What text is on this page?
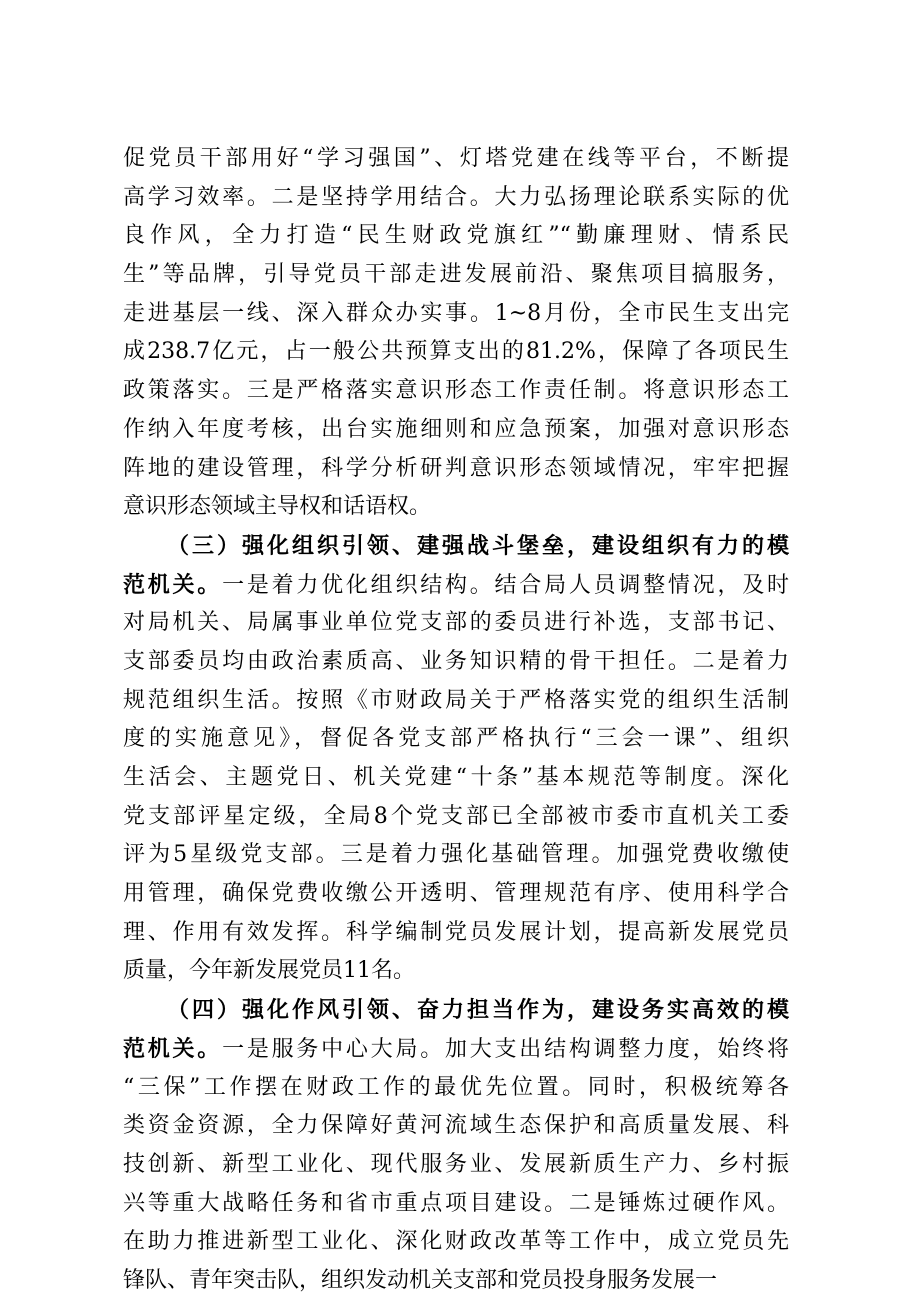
促党员干部用好“学习强国”、灯塔党建在线等平台，不断提
高学习效率。二是坚持学用结合。大力弘扬理论联系实际的优
良作风，全力打造“民生财政党旗红”“勤廉理财、情系民
生”等品牌，引导党员干部走进发展前沿、聚焦项目搞服务，
走进基层一线、深入群众办实事。1~8月份，全市民生支出完
成238.7亿元，占一般公共预算支出的81.2%，保障了各项民生
政策落实。三是严格落实意识形态工作责任制。将意识形态工
作纳入年度考核，出台实施细则和应急预案，加强对意识形态
阵地的建设管理，科学分析研判意识形态领域情况，牢牢把握
意识形态领域主导权和话语权。
（三）强化组织引领、建强战斗堡垒，建设组织有力的模
范机关。一是着力优化组织结构。结合局人员调整情况，及时
对局机关、局属事业单位党支部的委员进行补选，支部书记、
支部委员均由政治素质高、业务知识精的骨干担任。二是着力
规范组织生活。按照《市财政局关于严格落实党的组织生活制
度的实施意见》，督促各党支部严格执行“三会一课”、组织
生活会、主题党日、机关党建“十条”基本规范等制度。深化
党支部评星定级，全局8个党支部已全部被市委市直机关工委
评为5星级党支部。三是着力强化基础管理。加强党费收缴使
用管理，确保党费收缴公开透明、管理规范有序、使用科学合
理、作用有效发挥。科学编制党员发展计划，提高新发展党员
质量，今年新发展党员11名。
（四）强化作风引领、奋力担当作为，建设务实高效的模
范机关。一是服务中心大局。加大支出结构调整力度，始终将
“三保”工作摆在财政工作的最优先位置。同时，积极统筹各
类资金资源，全力保障好黄河流域生态保护和高质量发展、科
技创新、新型工业化、现代服务业、发展新质生产力、乡村振
兴等重大战略任务和省市重点项目建设。二是锤炼过硬作风。
在助力推进新型工业化、深化财政改革等工作中，成立党员先
锋队、青年突击队，组织发动机关支部和党员投身服务发展一
